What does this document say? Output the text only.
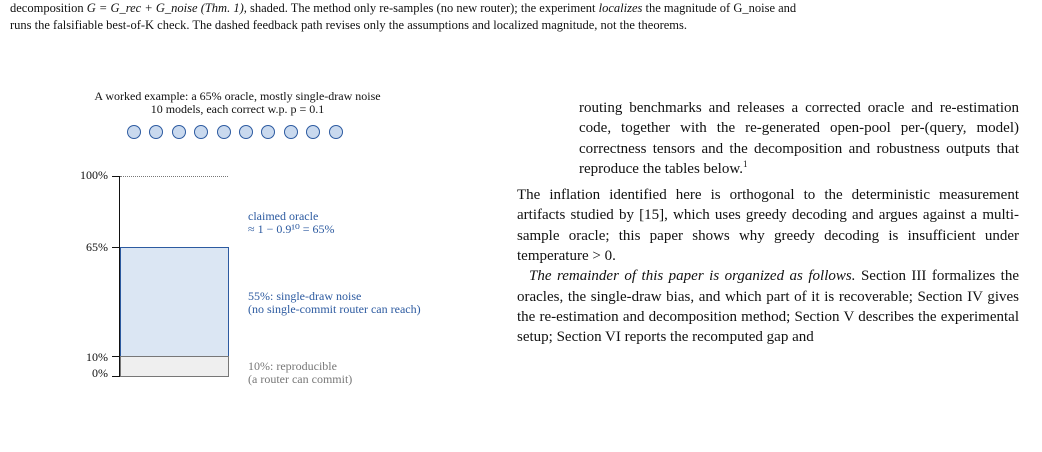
decomposition G = G_rec + G_noise (Thm. 1), shaded. The method only re-samples (no new router); the experiment localizes the magnitude of G_noise and

runs the falsifiable best-of-K check. The dashed feedback path revises only the assumptions and localized magnitude, not the theorems.

A worked example: a 65% oracle, mostly single-draw noise
10 models, each correct w.p. p = 0.1
100%
65%
10%
0%
claimed oracle
≈ 1 − 0.9¹⁰ = 65%
55%: single-draw noise
(no single-commit router can reach)
10%: reproducible
(a router can commit)

routing benchmarks and releases a corrected oracle and re-estimation code, together with the re-generated open-pool per-(query, model) correctness tensors and the decomposition and robustness outputs that reproduce the tables below.$^1$

The inflation identified here is orthogonal to the deterministic measurement artifacts studied by [15], which uses greedy decoding and argues against a multi-sample oracle; this paper shows why greedy decoding is insufficient under temperature > 0.

The remainder of this paper is organized as follows. Section III formalizes the oracles, the single-draw bias, and which part of it is recoverable; Section IV gives the re-estimation and decomposition method; Section V describes the experimental setup; Section VI reports the recomputed gap and
